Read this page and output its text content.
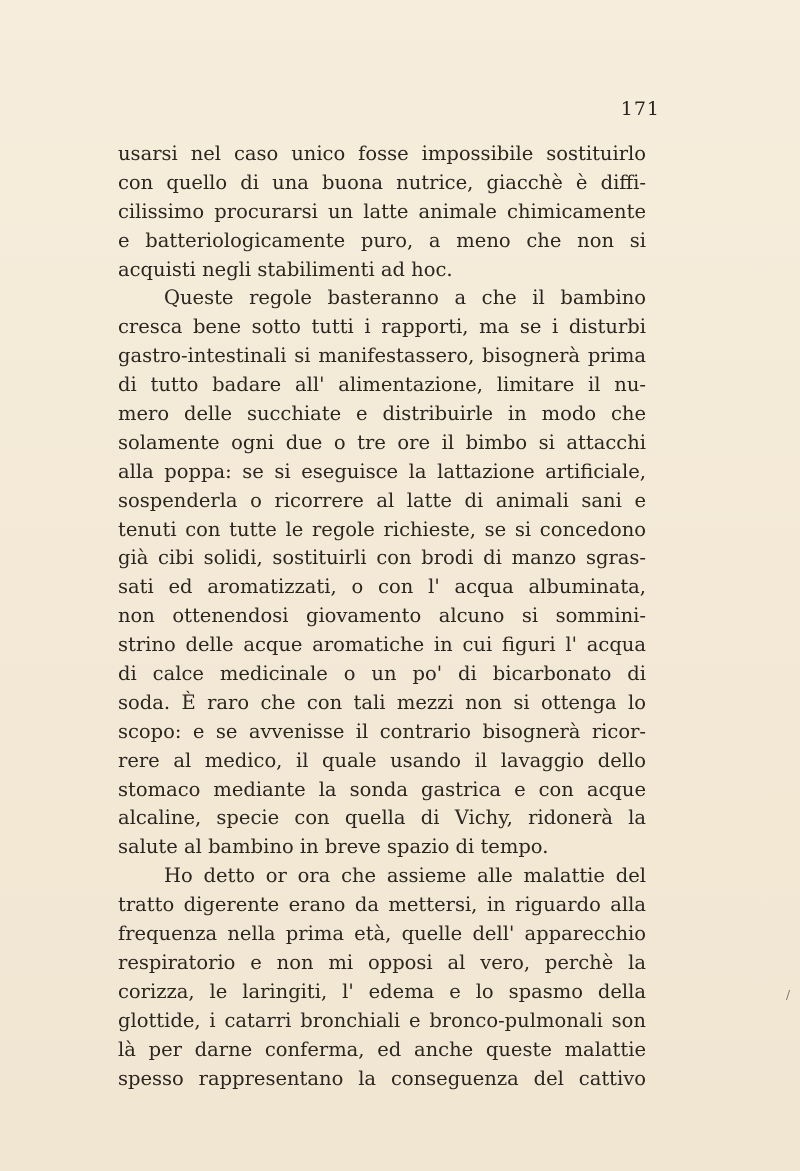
171
usarsi nel caso unico fosse impossibile sostituirlo
con quello di una buona nutrice, giacchè è diffi-
cilissimo procurarsi un latte animale chimicamente
e batteriologicamente puro, a meno che non si
acquisti negli stabilimenti ad hoc.
Queste regole basteranno a che il bambino
cresca bene sotto tutti i rapporti, ma se i disturbi
gastro-intestinali si manifestassero, bisognerà prima
di tutto badare all' alimentazione, limitare il nu-
mero delle succhiate e distribuirle in modo che
solamente ogni due o tre ore il bimbo si attacchi
alla poppa: se si eseguisce la lattazione artificiale,
sospenderla o ricorrere al latte di animali sani e
tenuti con tutte le regole richieste, se si concedono
già cibi solidi, sostituirli con brodi di manzo sgras-
sati ed aromatizzati, o con l' acqua albuminata,
non ottenendosi giovamento alcuno si sommini-
strino delle acque aromatiche in cui figuri l' acqua
di calce medicinale o un po' di bicarbonato di
soda. È raro che con tali mezzi non si ottenga lo
scopo: e se avvenisse il contrario bisognerà ricor-
rere al medico, il quale usando il lavaggio dello
stomaco mediante la sonda gastrica e con acque
alcaline, specie con quella di Vichy, ridonerà la
salute al bambino in breve spazio di tempo.
Ho detto or ora che assieme alle malattie del
tratto digerente erano da mettersi, in riguardo alla
frequenza nella prima età, quelle dell' apparecchio
respiratorio e non mi opposi al vero, perchè la
corizza, le laringiti, l' edema e lo spasmo della
glottide, i catarri bronchiali e bronco-pulmonali son
là per darne conferma, ed anche queste malattie
spesso rappresentano la conseguenza del cattivo
/
